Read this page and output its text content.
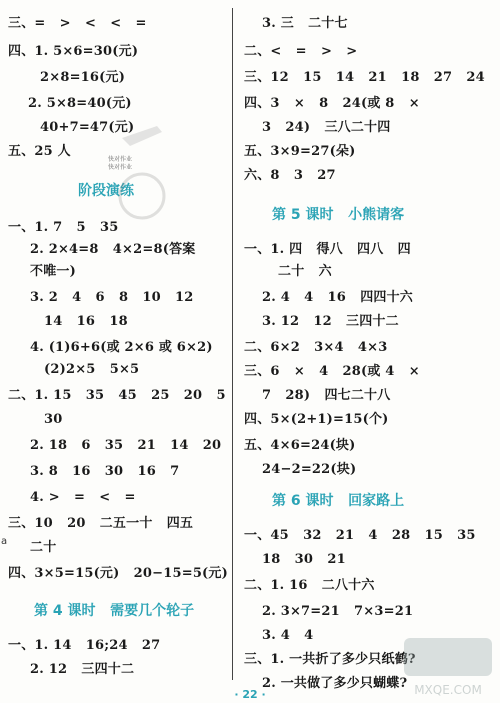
三、=   >   <   <   =
四、1. 5×6=30(元)
2×8=16(元)
2. 5×8=40(元)
40+7=47(元)
五、25 人
阶段演练
一、1. 7   5   35
2. 2×4=8   4×2=8(答案
不唯一)
3. 2   4   6   8   10   12
14   16   18
4. (1)6+6(或 2×6 或 6×2)
(2)2×5   5×5
二、1. 15   35   45   25   20   5
30
2. 18   6   35   21   14   20
3. 8   16   30   16   7
4. >   =   <   =
三、10   20   二五一十   四五
二十
四、3×5=15(元)   20−15=5(元)
第 4 课时   需要几个轮子
一、1. 14   16;24   27
2. 12   三四十二
3. 三   二十七
二、<   =   >   >
三、12   15   14   21   18   27   24
四、3   ×   8   24(或 8   ×
3   24)   三八二十四
五、3×9=27(朵)
六、8   3   27
第 5 课时   小熊请客
一、1. 四   得八   四八   四
二十   六
2. 4   4   16   四四十六
3. 12   12   三四十二
二、6×2   3×4   4×3
三、6   ×   4   28(或 4   ×
7   28)   四七二十八
四、5×(2+1)=15(个)
五、4×6=24(块)
24−2=22(块)
第 6 课时   回家路上
一、45   32   21   4   28   15   35
18   30   21
二、1. 16   二八十六
2. 3×7=21   7×3=21
3. 4   4
三、1. 一共折了多少只纸鹤?
2. 一共做了多少只蝴蝶?
快对作业
快对作业
a
MXQE.COM
· 22 ·
